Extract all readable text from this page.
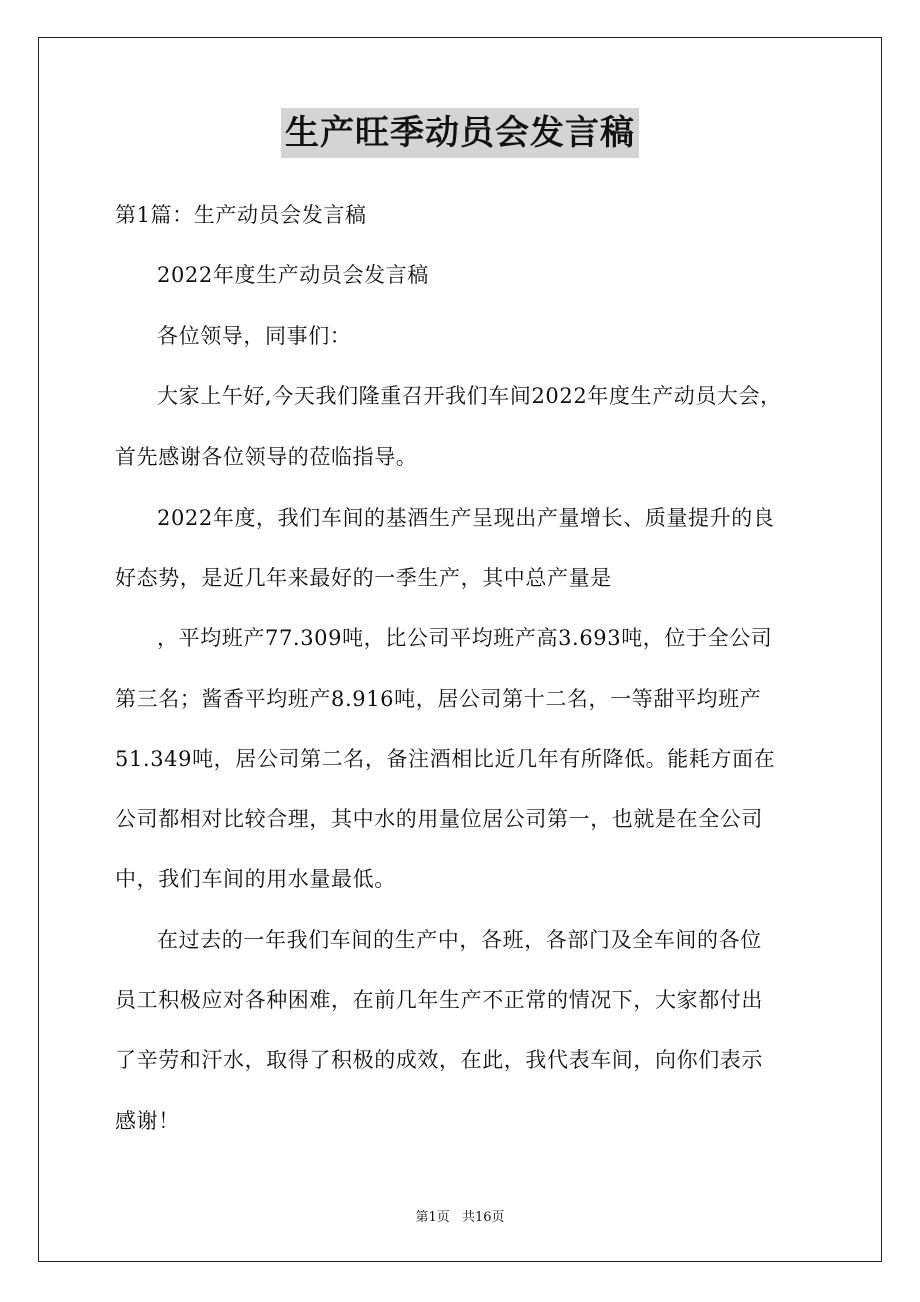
生产旺季动员会发言稿
第1篇：生产动员会发言稿
2022年度生产动员会发言稿
各位领导，同事们：
大家上午好,今天我们隆重召开我们车间2022年度生产动员大会，
首先感谢各位领导的莅临指导。
2022年度，我们车间的基酒生产呈现出产量增长、质量提升的良
好态势，是近几年来最好的一季生产，其中总产量是
，平均班产77.309吨，比公司平均班产高3.693吨，位于全公司
第三名；酱香平均班产8.916吨，居公司第十二名，一等甜平均班产
51.349吨，居公司第二名，备注酒相比近几年有所降低。能耗方面在
公司都相对比较合理，其中水的用量位居公司第一，也就是在全公司
中，我们车间的用水量最低。
在过去的一年我们车间的生产中，各班，各部门及全车间的各位
员工积极应对各种困难，在前几年生产不正常的情况下，大家都付出
了辛劳和汗水，取得了积极的成效，在此，我代表车间，向你们表示
感谢！
第1页 共16页
